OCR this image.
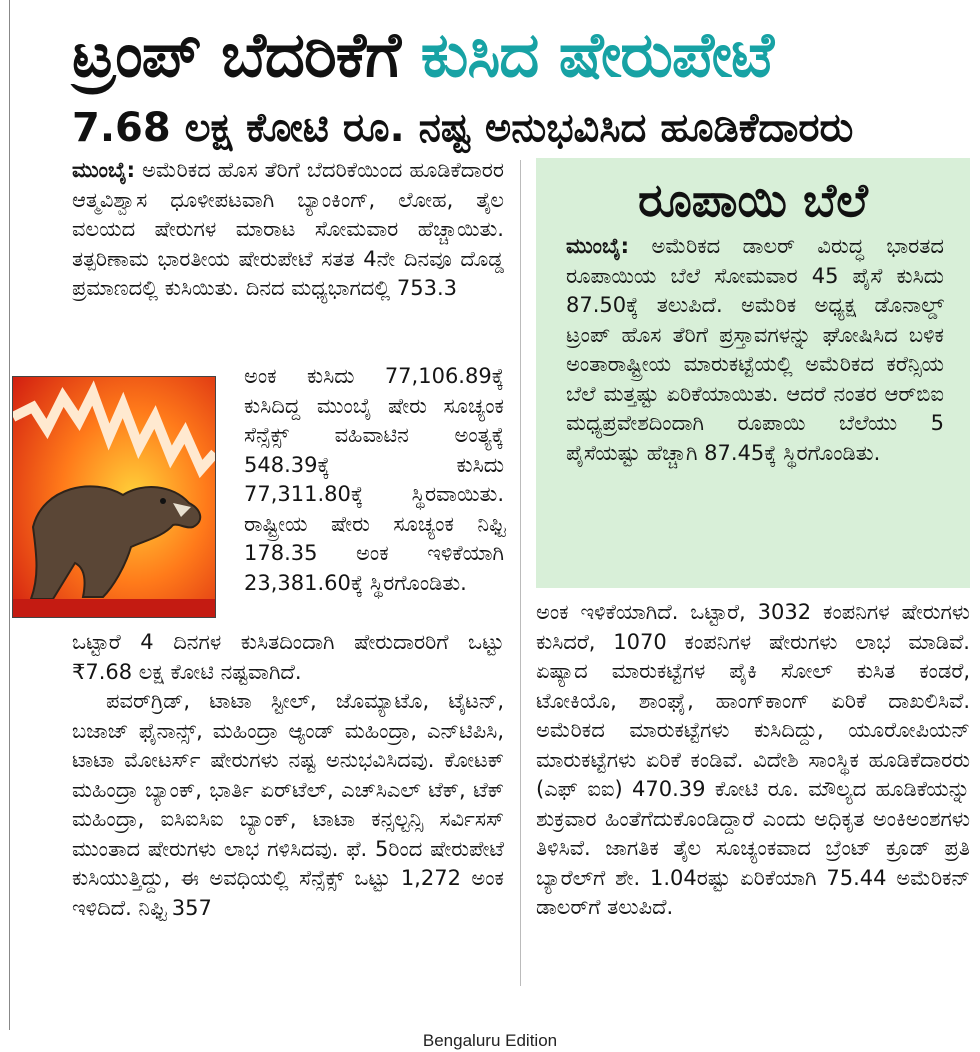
ಟ್ರಂಪ್ ಬೆದರಿಕೆಗೆ ಕುಸಿದ ಷೇರುಪೇಟೆ
7.68 ಲಕ್ಷ ಕೋಟಿ ರೂ. ನಷ್ಟ ಅನುಭವಿಸಿದ ಹೂಡಿಕೆದಾರರು

ಮುಂಬೈ: ಅಮೆರಿಕದ ಹೊಸ ತೆರಿಗೆ ಬೆದರಿಕೆಯಿಂದ ಹೂಡಿಕೆದಾರರ ಆತ್ಮವಿಶ್ವಾಸ ಧೂಳೀಪಟವಾಗಿ ಬ್ಯಾಂಕಿಂಗ್, ಲೋಹ, ತೈಲ ವಲಯದ ಷೇರುಗಳ ಮಾರಾಟ ಸೋಮವಾರ ಹೆಚ್ಚಾಯಿತು. ತತ್ಪರಿಣಾಮ ಭಾರತೀಯ ಷೇರುಪೇಟೆ ಸತತ 4ನೇ ದಿನವೂ ದೊಡ್ಡ ಪ್ರಮಾಣದಲ್ಲಿ ಕುಸಿಯಿತು. ದಿನದ ಮಧ್ಯಭಾಗದಲ್ಲಿ 753.3

ಅಂಕ ಕುಸಿದು 77,106.89ಕ್ಕೆ ಕುಸಿದಿದ್ದ ಮುಂಬೈ ಷೇರು ಸೂಚ್ಯಂಕ ಸೆನ್ಸೆಕ್ಸ್ ವಹಿವಾಟಿನ ಅಂತ್ಯಕ್ಕೆ 548.39ಕ್ಕೆ ಕುಸಿದು 77,311.80ಕ್ಕೆ ಸ್ಥಿರವಾಯಿತು. ರಾಷ್ಟ್ರೀಯ ಷೇರು ಸೂಚ್ಯಂಕ ನಿಫ್ಟಿ 178.35 ಅಂಕ ಇಳಿಕೆಯಾಗಿ 23,381.60ಕ್ಕೆ ಸ್ಥಿರಗೊಂಡಿತು.

ಒಟ್ಟಾರೆ 4 ದಿನಗಳ ಕುಸಿತದಿಂದಾಗಿ ಷೇರುದಾರರಿಗೆ ಒಟ್ಟು ₹7.68 ಲಕ್ಷ ಕೋಟಿ ನಷ್ಟವಾಗಿದೆ.

ಪವರ್‌ಗ್ರಿಡ್, ಟಾಟಾ ಸ್ಟೀಲ್, ಜೊಮ್ಯಾಟೊ, ಟೈಟನ್, ಬಜಾಜ್ ಫೈನಾನ್ಸ್, ಮಹಿಂದ್ರಾ ಆ್ಯಂಡ್ ಮಹಿಂದ್ರಾ, ಎನ್‌ಟಿಪಿಸಿ, ಟಾಟಾ ಮೋಟರ್ಸ್ ಷೇರುಗಳು ನಷ್ಟ ಅನುಭವಿಸಿದವು. ಕೋಟಕ್ ಮಹಿಂದ್ರಾ ಬ್ಯಾಂಕ್, ಭಾರ್ತಿ ಏರ್‌ಟೆಲ್, ಎಚ್‌ಸಿಎಲ್ ಟೆಕ್, ಟೆಕ್ ಮಹಿಂದ್ರಾ, ಐಸಿಐಸಿಐ ಬ್ಯಾಂಕ್, ಟಾಟಾ ಕನ್ಸಲ್ಟನ್ಸಿ ಸರ್ವಿಸಸ್ ಮುಂತಾದ ಷೇರುಗಳು ಲಾಭ ಗಳಿಸಿದವು. ಫೆ. 5ರಿಂದ ಷೇರುಪೇಟೆ ಕುಸಿಯುತ್ತಿದ್ದು, ಈ ಅವಧಿಯಲ್ಲಿ ಸೆನ್ಸೆಕ್ಸ್ ಒಟ್ಟು 1,272 ಅಂಕ ಇಳಿದಿದೆ. ನಿಫ್ಟಿ 357

ರೂಪಾಯಿ ಬೆಲೆ

ಮುಂಬೈ: ಅಮೆರಿಕದ ಡಾಲರ್ ವಿರುದ್ಧ ಭಾರತದ ರೂಪಾಯಿಯ ಬೆಲೆ ಸೋಮವಾರ 45 ಪೈಸೆ ಕುಸಿದು 87.50ಕ್ಕೆ ತಲುಪಿದೆ. ಅಮೆರಿಕ ಅಧ್ಯಕ್ಷ ಡೊನಾಲ್ಡ್ ಟ್ರಂಪ್ ಹೊಸ ತೆರಿಗೆ ಪ್ರಸ್ತಾವಗಳನ್ನು ಘೋಷಿಸಿದ ಬಳಿಕ ಅಂತಾರಾಷ್ಟ್ರೀಯ ಮಾರುಕಟ್ಟೆಯಲ್ಲಿ ಅಮೆರಿಕದ ಕರೆನ್ಸಿಯ ಬೆಲೆ ಮತ್ತಷ್ಟು ಏರಿಕೆಯಾಯಿತು. ಆದರೆ ನಂತರ ಆರ್‌ಬಿಐ ಮಧ್ಯಪ್ರವೇಶದಿಂದಾಗಿ ರೂಪಾಯಿ ಬೆಲೆಯು 5 ಪೈಸೆಯಷ್ಟು ಹೆಚ್ಚಾಗಿ 87.45ಕ್ಕೆ ಸ್ಥಿರಗೊಂಡಿತು.

ಅಂಕ ಇಳಿಕೆಯಾಗಿದೆ. ಒಟ್ಟಾರೆ, 3032 ಕಂಪನಿಗಳ ಷೇರುಗಳು ಕುಸಿದರೆ, 1070 ಕಂಪನಿಗಳ ಷೇರುಗಳು ಲಾಭ ಮಾಡಿವೆ. ಏಷ್ಯಾದ ಮಾರುಕಟ್ಟೆಗಳ ಪೈಕಿ ಸೋಲ್ ಕುಸಿತ ಕಂಡರೆ, ಟೋಕಿಯೊ, ಶಾಂಘೈ, ಹಾಂಗ್‌ಕಾಂಗ್ ಏರಿಕೆ ದಾಖಲಿಸಿವೆ. ಅಮೆರಿಕದ ಮಾರುಕಟ್ಟೆಗಳು ಕುಸಿದಿದ್ದು, ಯೂರೋಪಿಯನ್ ಮಾರುಕಟ್ಟೆಗಳು ಏರಿಕೆ ಕಂಡಿವೆ. ವಿದೇಶಿ ಸಾಂಸ್ಥಿಕ ಹೂಡಿಕೆದಾರರು (ಎಫ್ ಐಐ) 470.39 ಕೋಟಿ ರೂ. ಮೌಲ್ಯದ ಹೂಡಿಕೆಯನ್ನು ಶುಕ್ರವಾರ ಹಿಂತೆಗೆದುಕೊಂಡಿದ್ದಾರೆ ಎಂದು ಅಧಿಕೃತ ಅಂಕಿಅಂಶಗಳು ತಿಳಿಸಿವೆ. ಜಾಗತಿಕ ತೈಲ ಸೂಚ್ಯಂಕವಾದ ಬ್ರೆಂಟ್ ಕ್ರೂಡ್ ಪ್ರತಿ ಬ್ಯಾರೆಲ್‌ಗೆ ಶೇ. 1.04ರಷ್ಟು ಏರಿಕೆಯಾಗಿ 75.44 ಅಮೆರಿಕನ್ ಡಾಲರ್‌ಗೆ ತಲುಪಿದೆ.

Bengaluru Edition
